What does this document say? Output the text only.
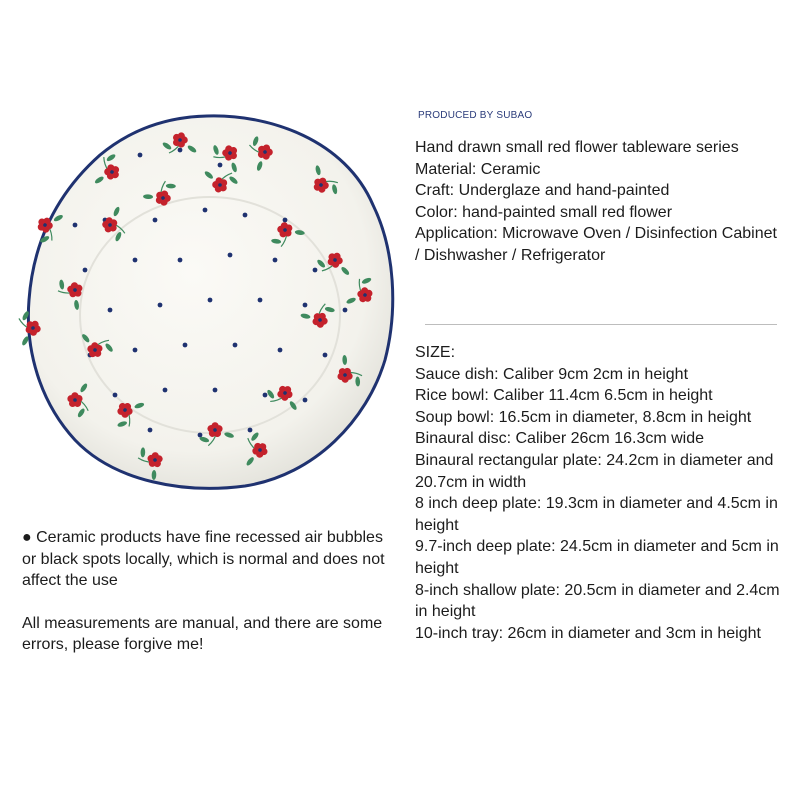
PRODUCED BY SUBAO
Hand drawn small red flower tableware series
Material: Ceramic
Craft: Underglaze and hand-painted
Color: hand-painted small red flower
Application: Microwave Oven / Disinfection Cabinet / Dishwasher / Refrigerator
SIZE:
Sauce dish: Caliber 9cm 2cm in height
Rice bowl: Caliber 11.4cm 6.5cm in height
Soup bowl: 16.5cm in diameter, 8.8cm in height
Binaural disc: Caliber 26cm 16.3cm wide
Binaural rectangular plate: 24.2cm in diameter and 20.7cm in width
8 inch deep plate: 19.3cm in diameter and 4.5cm in height
9.7-inch deep plate: 24.5cm in diameter and 5cm in height
8-inch shallow plate: 20.5cm in diameter and 2.4cm in height
10-inch tray: 26cm in diameter and 3cm in height
● Ceramic products have fine recessed air bubbles or black spots locally, which is normal and does not affect the use
All measurements are manual, and there are some errors, please forgive me!
